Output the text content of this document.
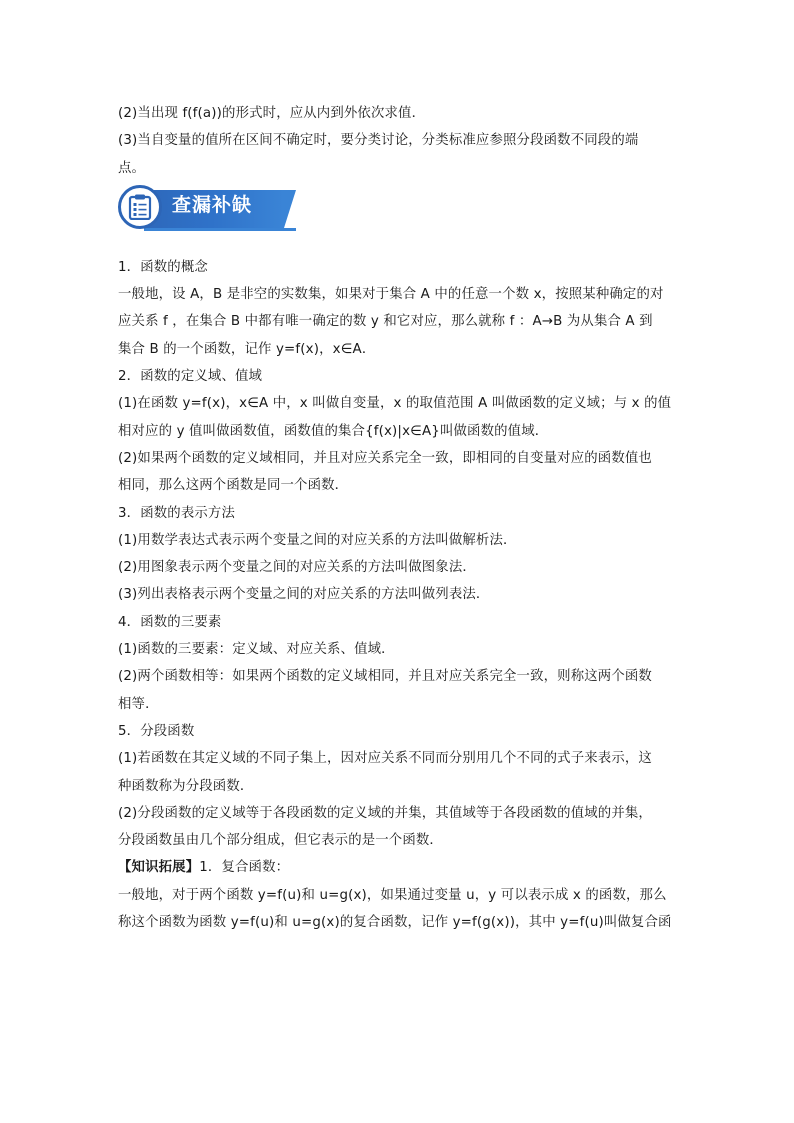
(2)当出现 f(f(a))的形式时，应从内到外依次求值．
(3)当自变量的值所在区间不确定时，要分类讨论，分类标准应参照分段函数不同段的端
点。
查漏补缺
1．函数的概念
一般地，设 A，B 是非空的实数集，如果对于集合 A 中的任意一个数 x，按照某种确定的对
应关系 f ，在集合 B 中都有唯一确定的数 y 和它对应，那么就称 f ：A→B 为从集合 A 到
集合 B 的一个函数，记作 y=f(x)，x∈A．
2．函数的定义域、值域
(1)在函数 y=f(x)，x∈A 中，x 叫做自变量，x 的取值范围 A 叫做函数的定义域；与 x 的值
相对应的 y 值叫做函数值，函数值的集合{f(x)|x∈A}叫做函数的值域．
(2)如果两个函数的定义域相同，并且对应关系完全一致，即相同的自变量对应的函数值也
相同，那么这两个函数是同一个函数．
3．函数的表示方法
(1)用数学表达式表示两个变量之间的对应关系的方法叫做解析法．
(2)用图象表示两个变量之间的对应关系的方法叫做图象法．
(3)列出表格表示两个变量之间的对应关系的方法叫做列表法．
4．函数的三要素
(1)函数的三要素：定义域、对应关系、值域．
(2)两个函数相等：如果两个函数的定义域相同，并且对应关系完全一致，则称这两个函数
相等．
5．分段函数
(1)若函数在其定义域的不同子集上，因对应关系不同而分别用几个不同的式子来表示，这
种函数称为分段函数．
(2)分段函数的定义域等于各段函数的定义域的并集，其值域等于各段函数的值域的并集，
分段函数虽由几个部分组成，但它表示的是一个函数．
【知识拓展】1．复合函数：
一般地，对于两个函数 y=f(u)和 u=g(x)，如果通过变量 u，y 可以表示成 x 的函数，那么
称这个函数为函数 y=f(u)和 u=g(x)的复合函数，记作 y=f(g(x))，其中 y=f(u)叫做复合函
